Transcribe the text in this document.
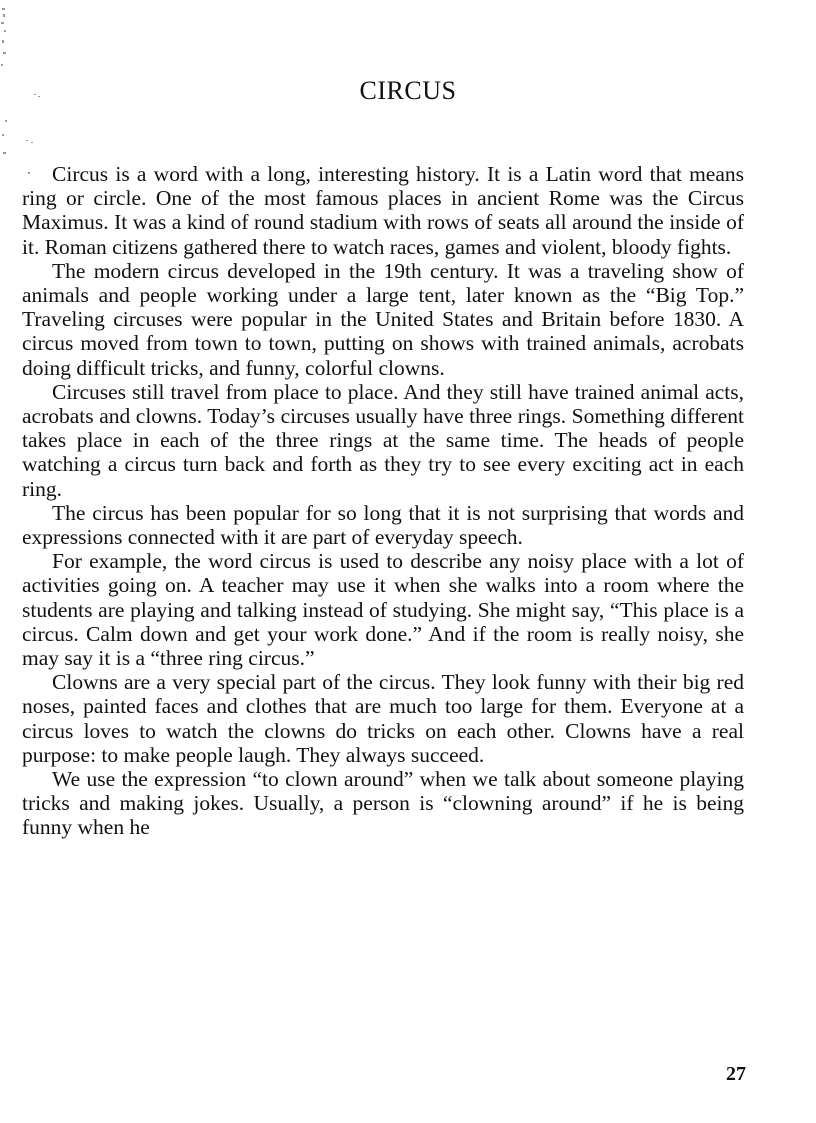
CIRCUS

Circus is a word with a long, interesting history. It is a Latin word that means ring or circle. One of the most famous places in ancient Rome was the Circus Maximus. It was a kind of round stadium with rows of seats all around the inside of it. Roman citizens gathered there to watch races, games and violent, bloody fights.

The modern circus developed in the 19th century. It was a traveling show of animals and people working under a large tent, later known as the “Big Top.” Traveling circuses were popular in the United States and Britain before 1830. A circus moved from town to town, putting on shows with trained animals, acrobats doing difficult tricks, and funny, colorful clowns.

Circuses still travel from place to place. And they still have trained animal acts, acrobats and clowns. Today’s circuses usually have three rings. Something different takes place in each of the three rings at the same time. The heads of people watching a circus turn back and forth as they try to see every exciting act in each ring.

The circus has been popular for so long that it is not surprising that words and expressions connected with it are part of everyday speech.

For example, the word circus is used to describe any noisy place with a lot of activities going on. A teacher may use it when she walks into a room where the students are playing and talking instead of studying. She might say, “This place is a circus. Calm down and get your work done.” And if the room is really noisy, she may say it is a “three ring circus.”

Clowns are a very special part of the circus. They look funny with their big red noses, painted faces and clothes that are much too large for them. Everyone at a circus loves to watch the clowns do tricks on each other. Clowns have a real purpose: to make people laugh. They always succeed.

We use the expression “to clown around” when we talk about someone playing tricks and making jokes. Usually, a person is “clowning around” if he is being funny when he

27
